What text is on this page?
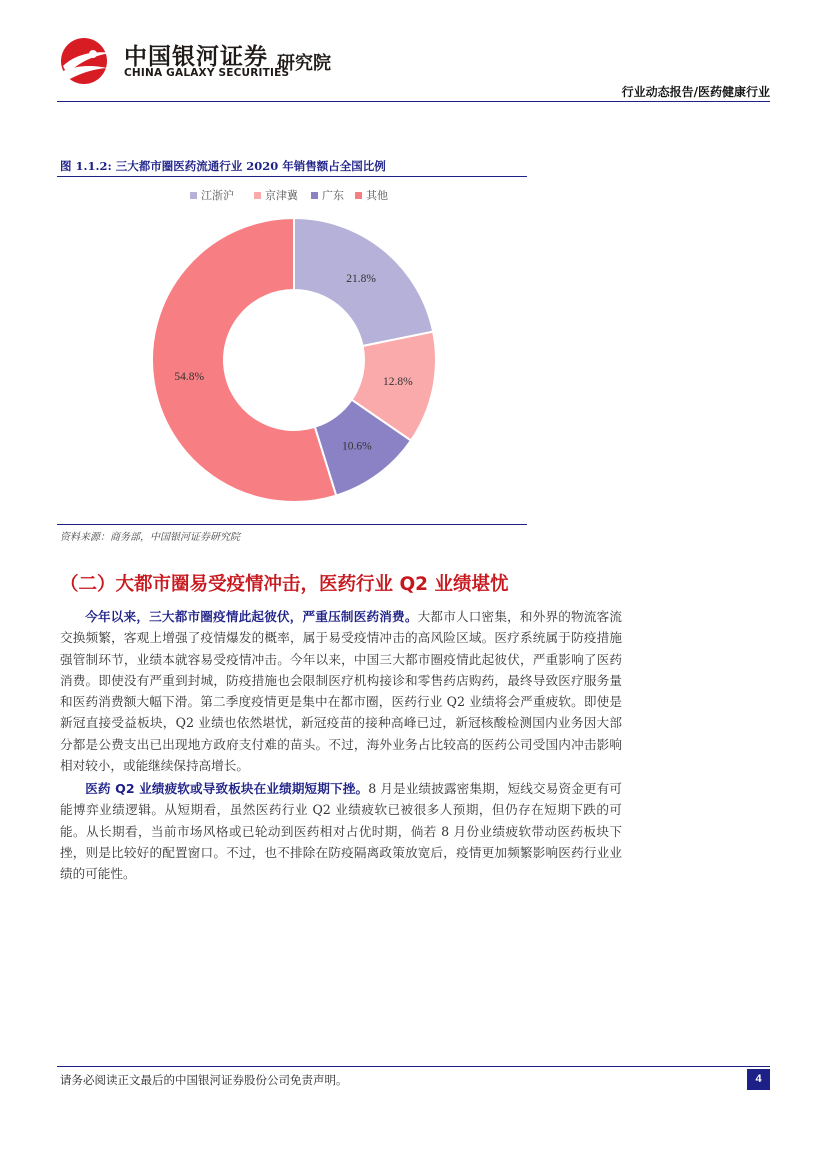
中国银河证券
CHINA GALAXY SECURITIES
研究院
行业动态报告/医药健康行业
图 1.1.2: 三大都市圈医药流通行业 2020 年销售额占全国比例
江浙沪	京津冀 广东 其他
21.8%
12.8%
10.6%
54.8%
资料来源：商务部，中国银河证券研究院
（二）大都市圈易受疫情冲击，医药行业 Q2 业绩堪忧

今年以来，三大都市圈疫情此起彼伏，严重压制医药消费。大都市人口密集，和外界的物流客流交换频繁，客观上增强了疫情爆发的概率，属于易受疫情冲击的高风险区域。医疗系统属于防疫措施强管制环节，业绩本就容易受疫情冲击。今年以来，中国三大都市圈疫情此起彼伏，严重影响了医药消费。即使没有严重到封城，防疫措施也会限制医疗机构接诊和零售药店购药，最终导致医疗服务量和医药消费额大幅下滑。第二季度疫情更是集中在都市圈，医药行业 Q2 业绩将会严重疲软。即使是新冠直接受益板块，Q2 业绩也依然堪忧，新冠疫苗的接种高峰已过，新冠核酸检测国内业务因大部分都是公费支出已出现地方政府支付难的苗头。不过，海外业务占比较高的医药公司受国内冲击影响相对较小，或能继续保持高增长。

医药 Q2 业绩疲软或导致板块在业绩期短期下挫。8 月是业绩披露密集期，短线交易资金更有可能博弈业绩逻辑。从短期看，虽然医药行业 Q2 业绩疲软已被很多人预期，但仍存在短期下跌的可能。从长期看，当前市场风格或已轮动到医药相对占优时期，倘若 8 月份业绩疲软带动医药板块下挫，则是比较好的配置窗口。不过，也不排除在防疫隔离政策放宽后，疫情更加频繁影响医药行业业绩的可能性。

请务必阅读正文最后的中国银河证券股份公司免责声明。	4
